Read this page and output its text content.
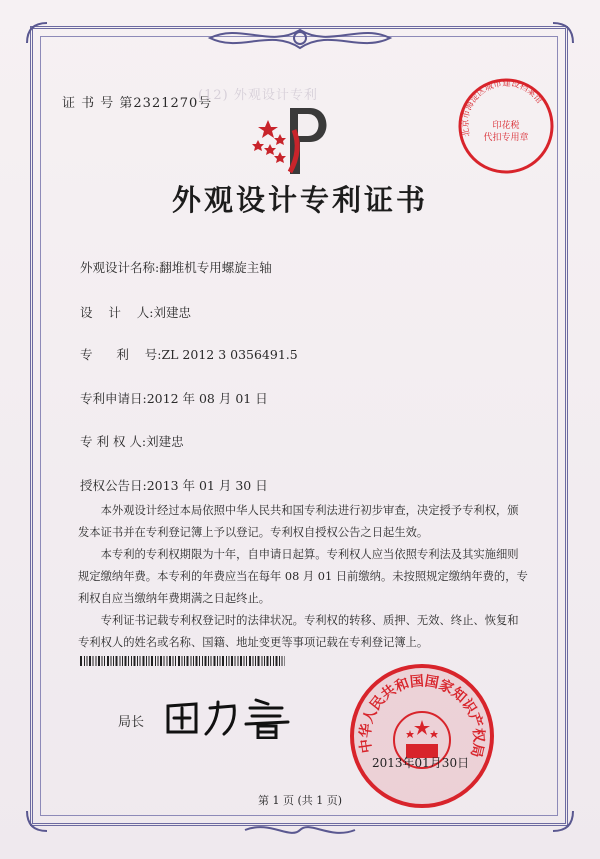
证 书 号 第2321270号
(12) 外观设计专利
外观设计专利证书
外观设计名称:翻堆机专用螺旋主轴
设    计    人:刘建忠
专      利    号:ZL 2012 3 0356491.5
专利申请日:2012 年 08 月 01 日
专 利 权 人:刘建忠
授权公告日:2013 年 01 月 30 日

本外观设计经过本局依照中华人民共和国专利法进行初步审查，决定授予专利权，颁发本证书并在专利登记簿上予以登记。专利权自授权公告之日起生效。

本专利的专利权期限为十年，自申请日起算。专利权人应当依照专利法及其实施细则规定缴纳年费。本专利的年费应当在每年 08 月 01 日前缴纳。未按照规定缴纳年费的，专利权自应当缴纳年费期满之日起终止。

专利证书记载专利权登记时的法律状况。专利权的转移、质押、无效、终止、恢复和专利权人的姓名或名称、国籍、地址变更等事项记载在专利登记簿上。

局长
中华人民共和国国家知识产权局
2013年01月30日
北京市海淀区城市建设档案馆
印花税
代扣专用章
第 1 页 (共 1 页)
